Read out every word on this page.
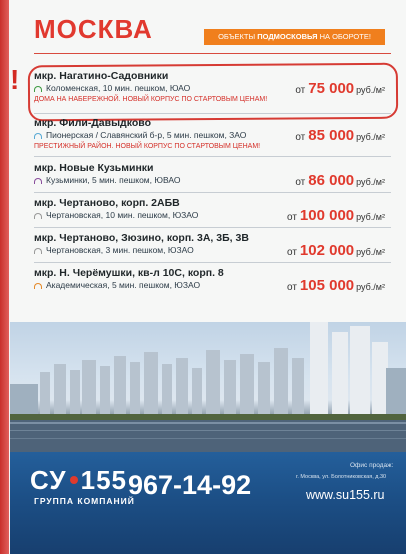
МОСКВА	ОБЪЕКТЫ ПОДМОСКОВЬЯ НА ОБОРОТЕ!
! мкр. Нагатино-Садовники
Коломенская, 10 мин. пешком, ЮАО	от 75 000 руб./м²
ДОМА НА НАБЕРЕЖНОЙ. НОВЫЙ КОРПУС ПО СТАРТОВЫМ ЦЕНАМ!
мкр. Фили-Давыдково
Пионерская / Славянский б-р, 5 мин. пешком, ЗАО	от 85 000 руб./м²
ПРЕСТИЖНЫЙ РАЙОН. НОВЫЙ КОРПУС ПО СТАРТОВЫМ ЦЕНАМ!
мкр. Новые Кузьминки
Кузьминки, 5 мин. пешком, ЮВАО	от 86 000 руб./м²
мкр. Чертаново, корп. 2АБВ
Чертановская, 10 мин. пешком, ЮЗАО	от 100 000 руб./м²
мкр. Чертаново, Зюзино, корп. 3А, 3Б, 3В
Чертановская, 3 мин. пешком, ЮЗАО	от 102 000 руб./м²
мкр. Н. Черёмушки, кв-л 10С, корп. 8
Академическая, 5 мин. пешком, ЮЗАО	от 105 000 руб./м²
СУ 155
ГРУППА КОМПАНИЙ
967-14-92
Офис продаж:
г. Москва, ул. Болотниковская, д.30
www.su155.ru
